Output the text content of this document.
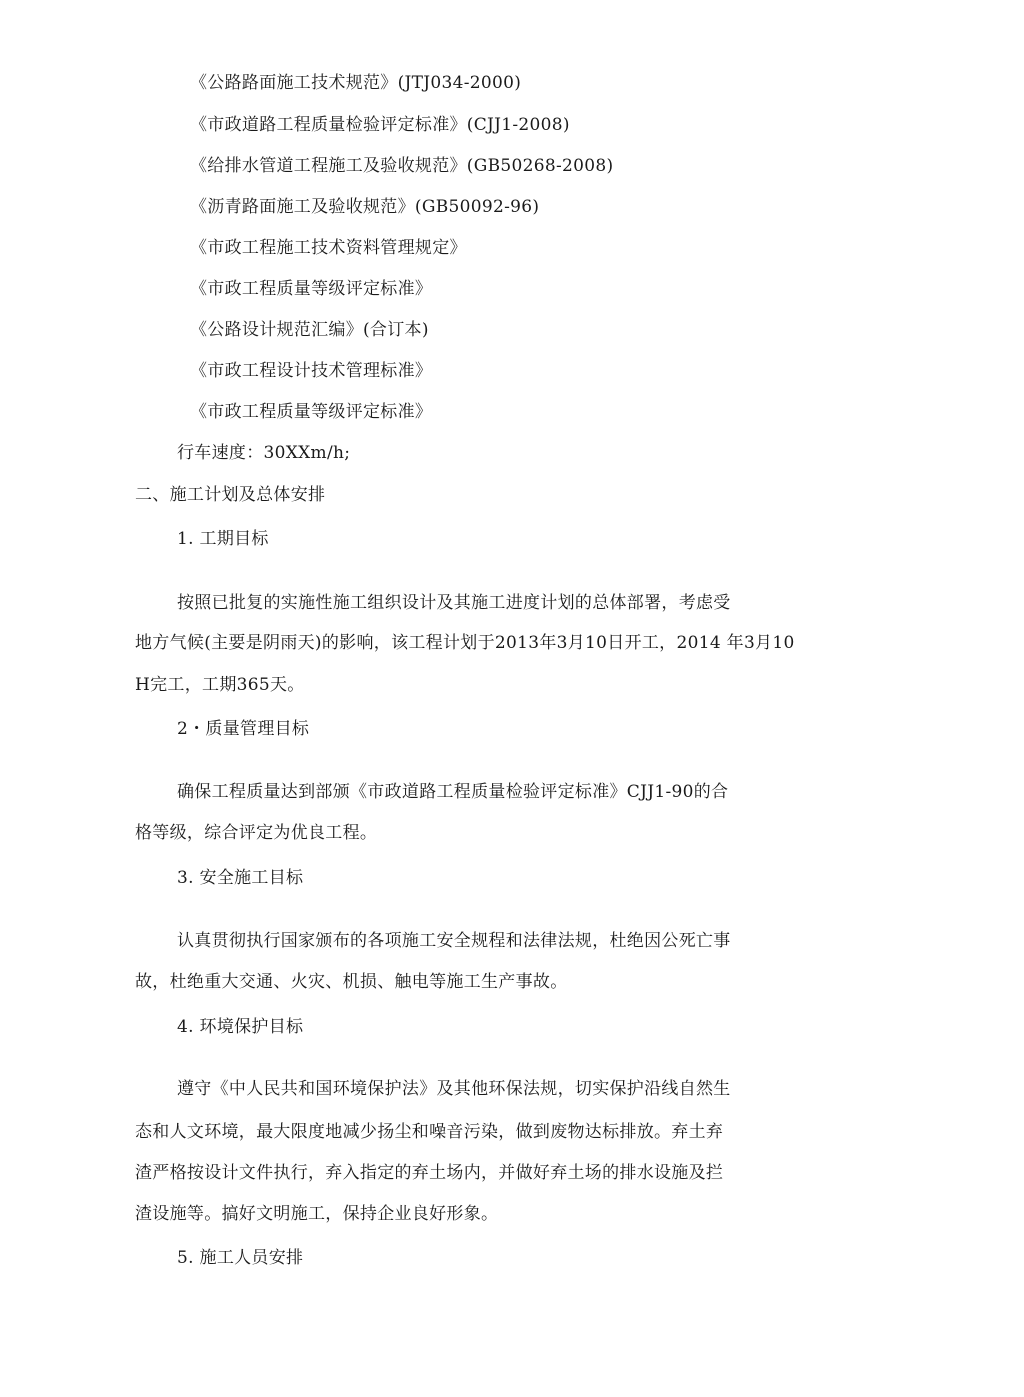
《公路路面施工技术规范》(JTJ034-2000)
《市政道路工程质量检验评定标准》(CJJ1-2008)
《给排水管道工程施工及验收规范》(GB50268-2008)
《沥青路面施工及验收规范》(GB50092-96)
《市政工程施工技术资料管理规定》
《市政工程质量等级评定标准》
《公路设计规范汇编》(合订本)
《市政工程设计技术管理标准》
《市政工程质量等级评定标准》
行车速度：30XXm/h;
二、施工计划及总体安排
1. 工期目标
按照已批复的实施性施工组织设计及其施工进度计划的总体部署，考虑受
地方气候(主要是阴雨天)的影响，该工程计划于2013年3月10日开工，2014 年3月10
H完工，工期365天。
2・质量管理目标
确保工程质量达到部颁《市政道路工程质量检验评定标准》CJJ1-90的合
格等级，综合评定为优良工程。
3. 安全施工目标
认真贯彻执行国家颁布的各项施工安全规程和法律法规，杜绝因公死亡事
故，杜绝重大交通、火灾、机损、触电等施工生产事故。
4. 环境保护目标
遵守《中人民共和国环境保护法》及其他环保法规，切实保护沿线自然生
态和人文环境，最大限度地减少扬尘和噪音污染，做到废物达标排放。弃土弃
渣严格按设计文件执行，弃入指定的弃土场内，并做好弃土场的排水设施及拦
渣设施等。搞好文明施工，保持企业良好形象。
5. 施工人员安排
